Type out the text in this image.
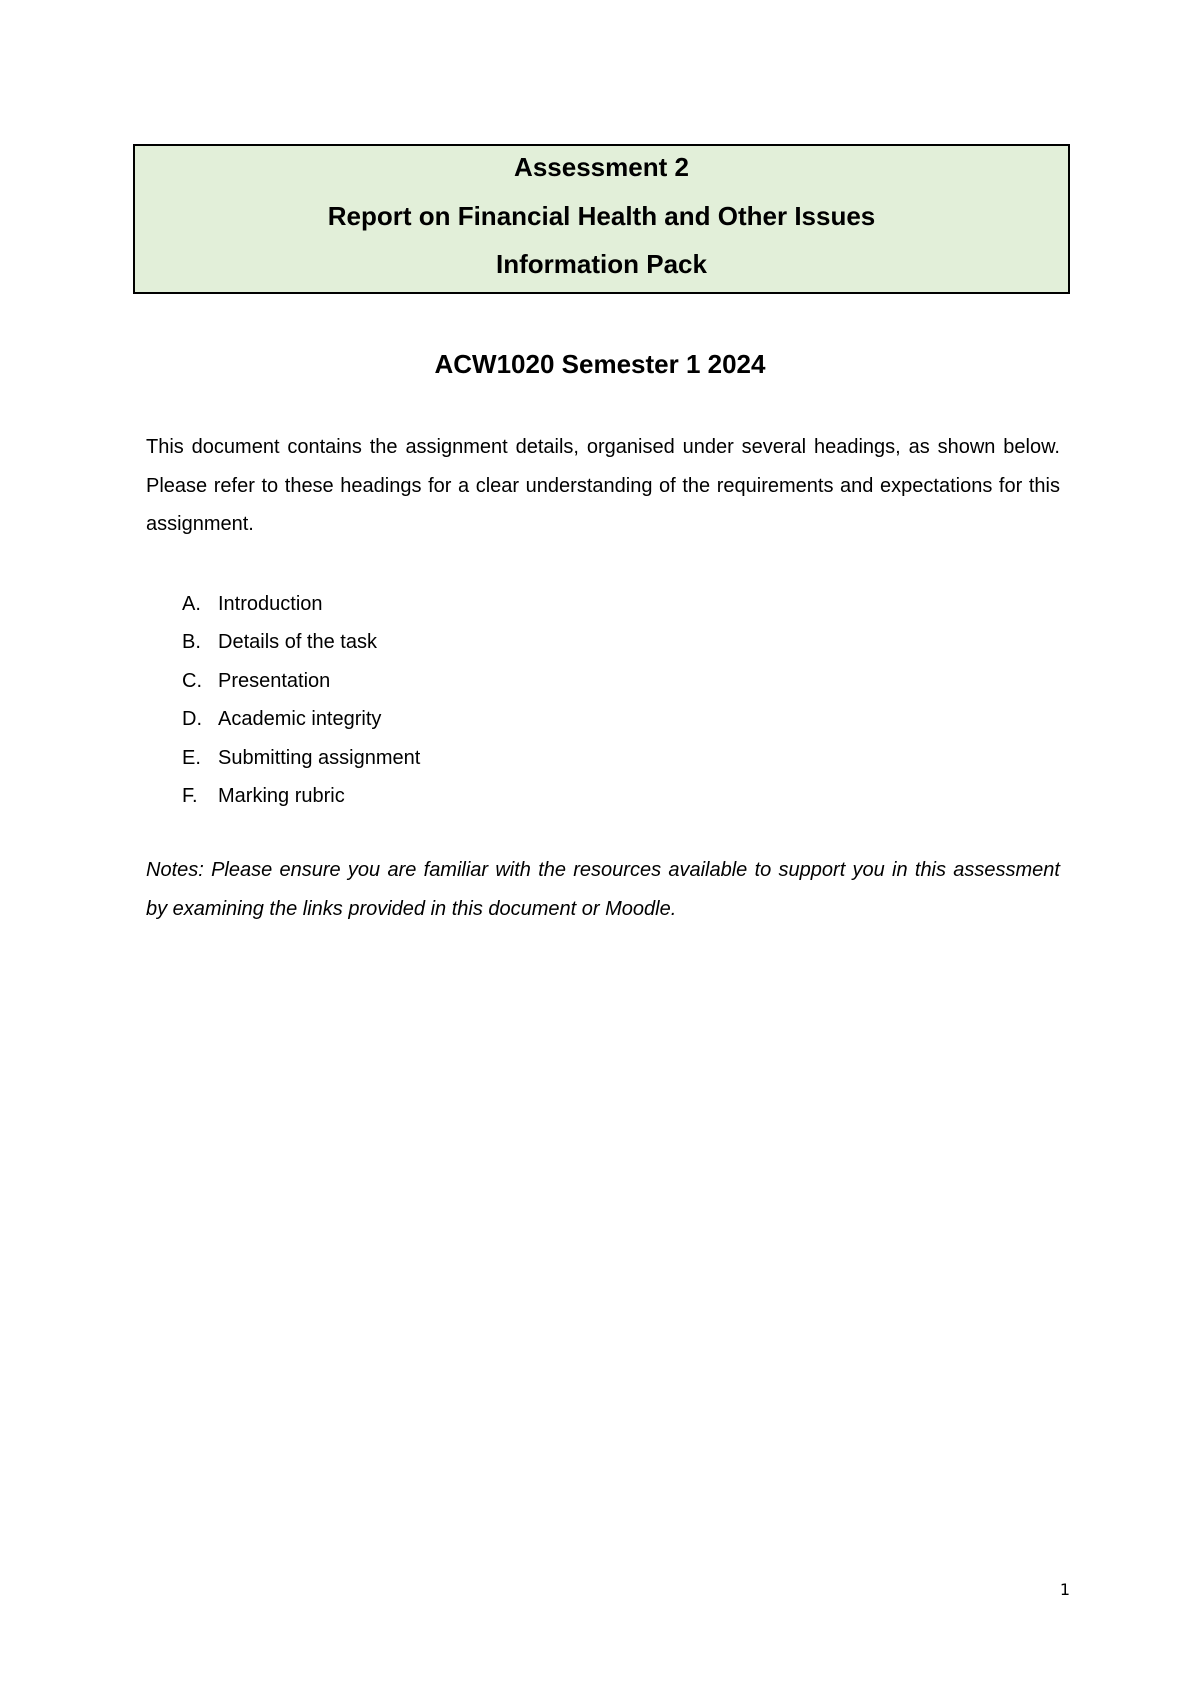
Assessment 2
Report on Financial Health and Other Issues
Information Pack
ACW1020 Semester 1 2024

This document contains the assignment details, organised under several headings, as shown below. Please refer to these headings for a clear understanding of the requirements and expectations for this assignment.

A. Introduction
B. Details of the task
C. Presentation
D. Academic integrity
E. Submitting assignment
F.	Marking rubric

Notes: Please ensure you are familiar with the resources available to support you in this assessment by examining the links provided in this document or Moodle.

1
